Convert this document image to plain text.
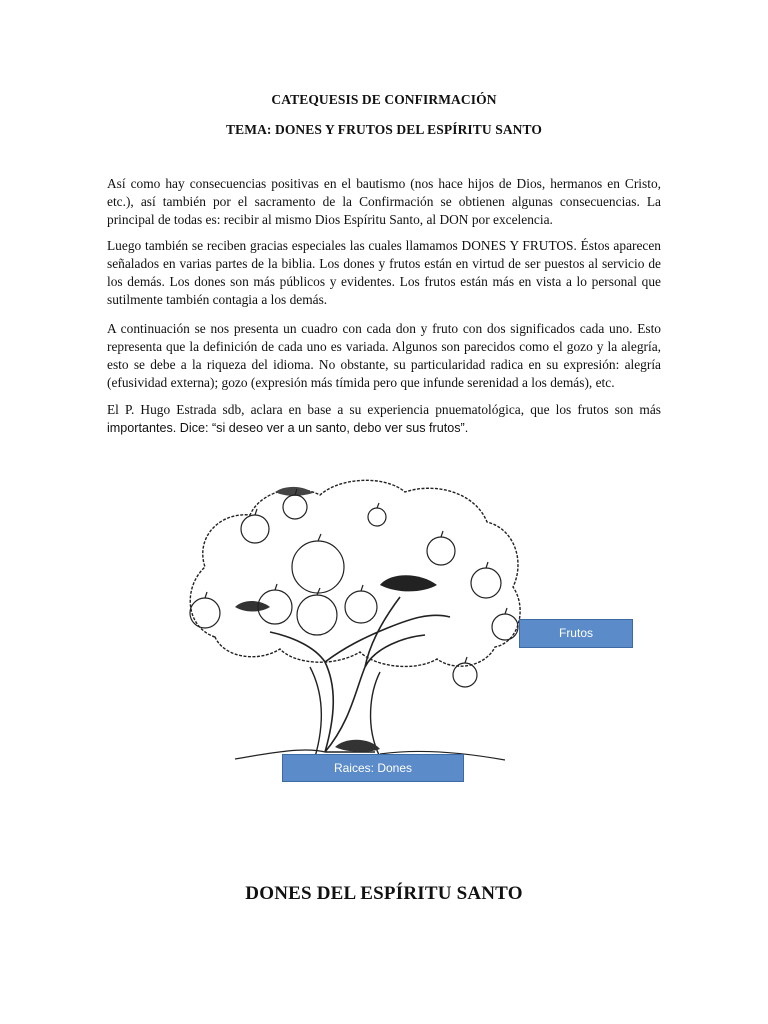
CATEQUESIS DE CONFIRMACIÓN
TEMA: DONES Y FRUTOS DEL ESPÍRITU SANTO

Así como hay consecuencias positivas en el bautismo (nos hace hijos de Dios, hermanos en Cristo, etc.), así también por el sacramento de la Confirmación se obtienen algunas consecuencias. La principal de todas es: recibir al mismo Dios Espíritu Santo, al DON por excelencia.

Luego también se reciben gracias especiales las cuales llamamos DONES Y FRUTOS. Éstos aparecen señalados en varias partes de la biblia. Los dones y frutos están en virtud de ser puestos al servicio de los demás. Los dones son más públicos y evidentes. Los frutos están más en vista a lo personal que sutilmente también contagia a los demás.

A continuación se nos presenta un cuadro con cada don y fruto con dos significados cada uno. Esto representa que la definición de cada uno es variada. Algunos son parecidos como el gozo y la alegría, esto se debe a la riqueza del idioma. No obstante, su particularidad radica en su expresión: alegría (efusividad externa); gozo (expresión más tímida pero que infunde serenidad a los demás), etc.

El P. Hugo Estrada sdb, aclara en base a su experiencia pnuematológica, que los frutos son más importantes. Dice: “si deseo ver a un santo, debo ver sus frutos”.

Frutos
Raices: Dones
DONES DEL ESPÍRITU SANTO
